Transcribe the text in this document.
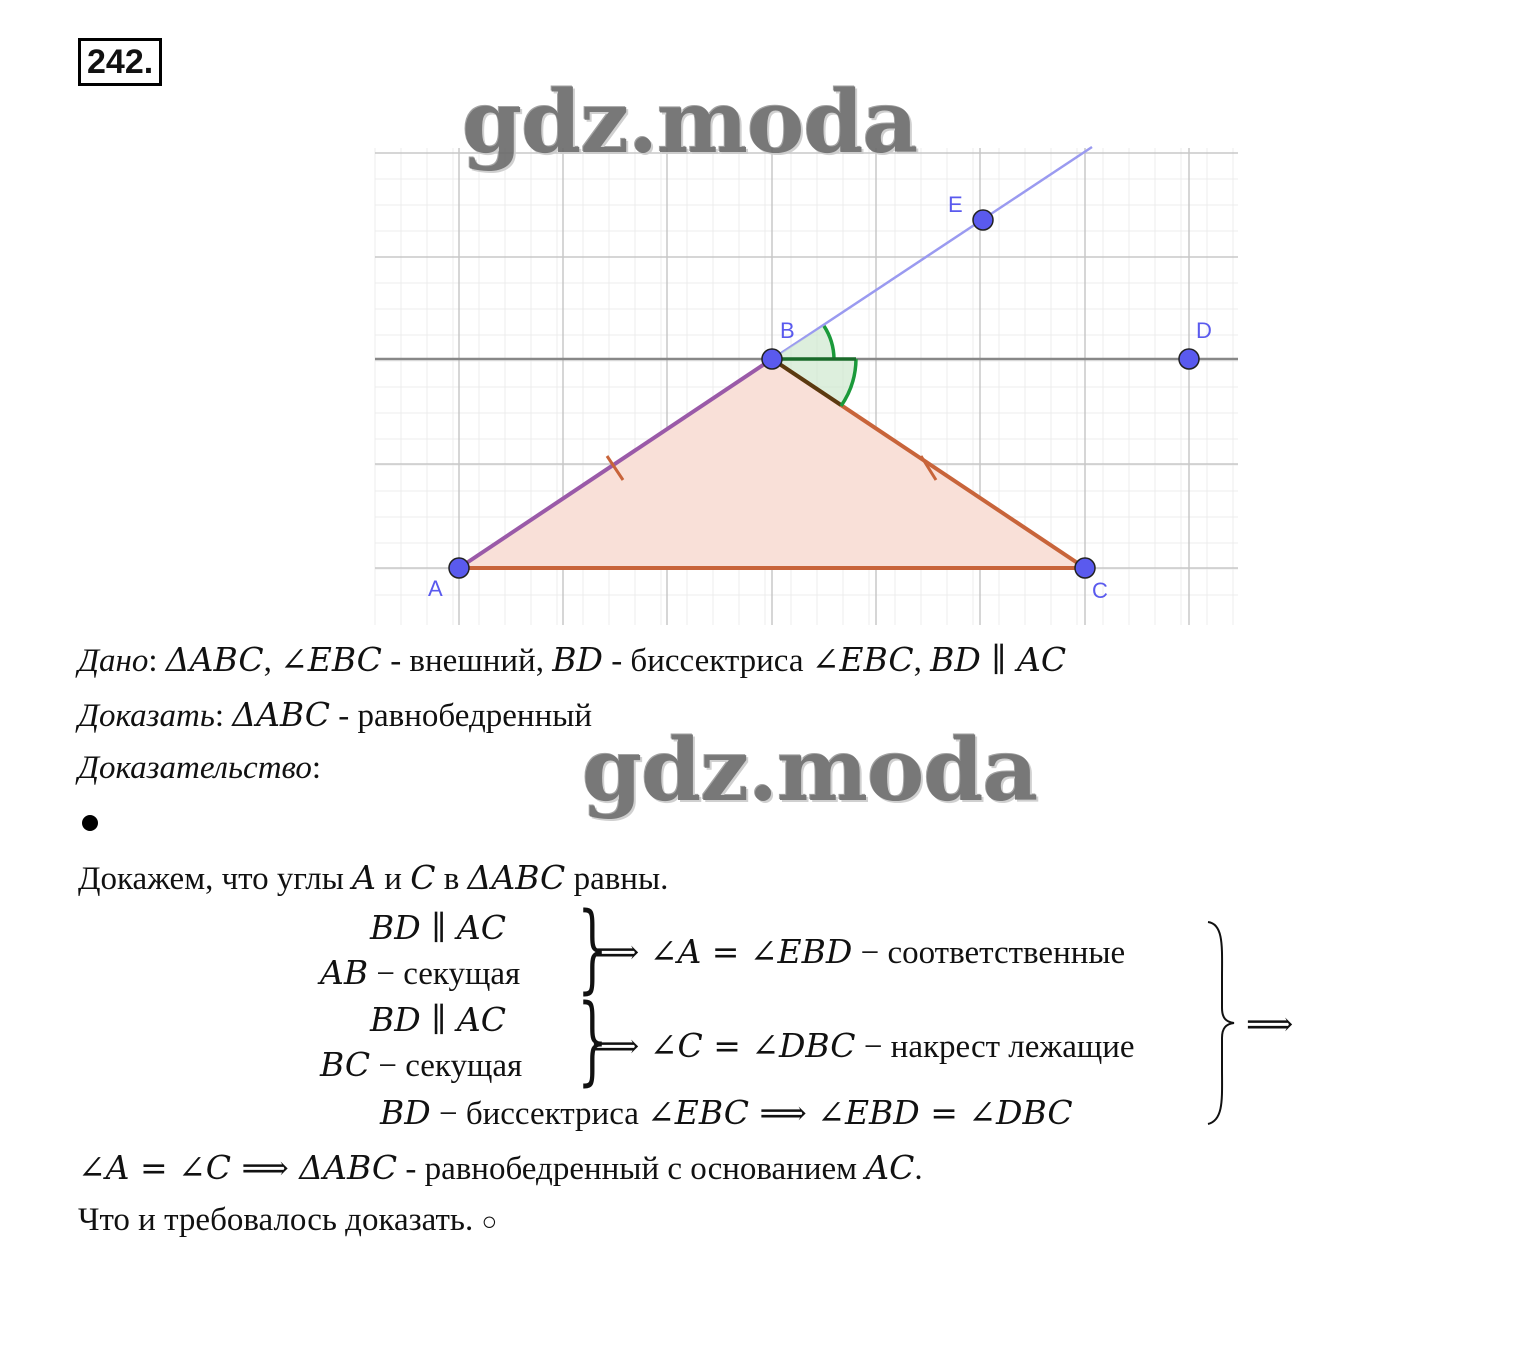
242.
A
B
C
D
E
gdz.moda
Дано: ΔABC, ∠EBC - внешний, BD - биссектриса ∠EBC, BD ∥ AC
Доказать: ΔABC - равнобедренный
Доказательство:	gdz.moda
Докажем, что углы A и C в ΔABC равны.
BD ∥ AC
AB − секущая }
⟹ ∠A = ∠EBD − соответственные
BD ∥ AC
BC − секущая }
⟹ ∠C = ∠DBC − накрест лежащие
BD − биссектриса ∠EBC ⟹ ∠EBD = ∠DBC
⟹
∠A = ∠C ⟹ ΔABC - равнобедренный с основанием AC.
Что и требовалось доказать. ○
